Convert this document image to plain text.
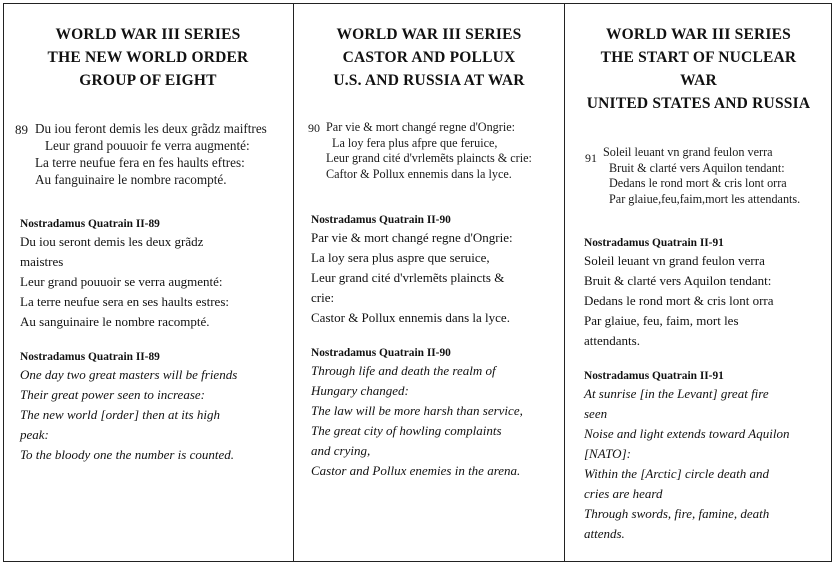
WORLD WAR III SERIES
THE NEW WORLD ORDER
GROUP OF EIGHT
89 Du iou feront demis les deux grãdz maiftres
Leur grand pouuoir fe verra augmenté:
La terre neufue fera en fes haults eftres:
Au fanguinaire le nombre racompté.
Nostradamus Quatrain II-89
Du iou seront demis les deux grãdz
maistres
Leur grand pouuoir se verra augmenté:
La terre neufue sera en ses haults estres:
Au sanguinaire le nombre racompté.
Nostradamus Quatrain II-89
One day two great masters will be friends
Their great power seen to increase:
The new world [order] then at its high
peak:
To the bloody one the number is counted.
WORLD WAR III SERIES
CASTOR AND POLLUX
U.S. AND RUSSIA AT WAR
90 Par vie & mort changé regne d'Ongrie:
La loy fera plus afpre que feruice,
Leur grand cité d'vrlemẽts plaincts & crie:
Caftor & Pollux ennemis dans la lyce.
Nostradamus Quatrain II-90
Par vie & mort changé regne d'Ongrie:
La loy sera plus aspre que seruice,
Leur grand cité d'vrlemẽts plaincts &
crie:
Castor & Pollux ennemis dans la lyce.
Nostradamus Quatrain II-90
Through life and death the realm of
Hungary changed:
The law will be more harsh than service,
The great city of howling complaints
and crying,
Castor and Pollux enemies in the arena.
WORLD WAR III SERIES
THE START OF NUCLEAR
WAR
UNITED STATES AND RUSSIA
91 Soleil leuant vn grand feulon verra
Bruit & clarté vers Aquilon tendant:
Dedans le rond mort & cris lont orra
Par glaiue,feu,faim,mort les attendants.
Nostradamus Quatrain II-91
Soleil leuant vn grand feulon verra
Bruit & clarté vers Aquilon tendant:
Dedans le rond mort & cris lont orra
Par glaiue, feu, faim, mort les
attendants.
Nostradamus Quatrain II-91
At sunrise [in the Levant] great fire
seen
Noise and light extends toward Aquilon
[NATO]:
Within the [Arctic] circle death and
cries are heard
Through swords, fire, famine, death
attends.
